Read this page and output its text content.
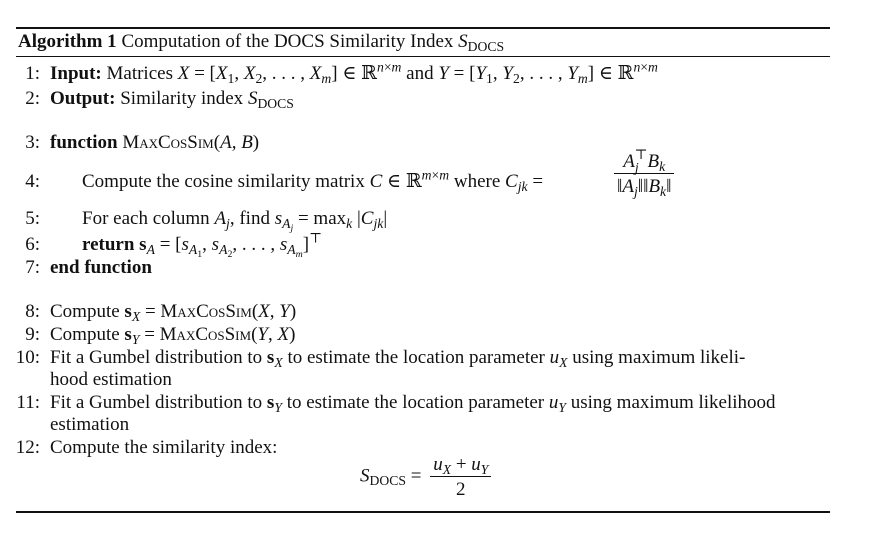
Algorithm 1 Computation of the DOCS Similarity Index $S_{DOCS}$
1: Input: Matrices $X = [X_1$, $X_2$, . . . , $X_m$] ∈ ℝ$^{n\times m}$ and $Y = [Y_1$, $Y_2$, . . . , $Y_m$] ∈ ℝ$^{n\times m}$
2: Output: Similarity index $S_{DOCS}$
3: function MaxCosSim(A, B)
4: Compute the cosine similarity matrix C ∈ ℝ$^{m\times m}$ where $C_{jk}$ =	$\frac{A_j^⊤B_k}{‖A_j‖‖B_k‖}$
5: For each column $A_j$, find $s_{A_j} = \max_k |C_{jk}|$
6: return $s_A = [s_{A_1}$, $s_{A_2}$, . . . , $s_{A_m}]^⊤$
7: end function
8: Compute $s_X$ = MaxCosSim(X, Y)
9: Compute $s_Y$ = MaxCosSim(Y, X)
10: Fit a Gumbel distribution to $s_X$ to estimate the location parameter $u_X$ using maximum likeli-
hood estimation
11: Fit a Gumbel distribution to $s_Y$ to estimate the location parameter $u_Y$ using maximum likelihood
estimation
12: Compute the similarity index:
$S_{DOCS} = \frac{u_X + u_Y}{2}$
